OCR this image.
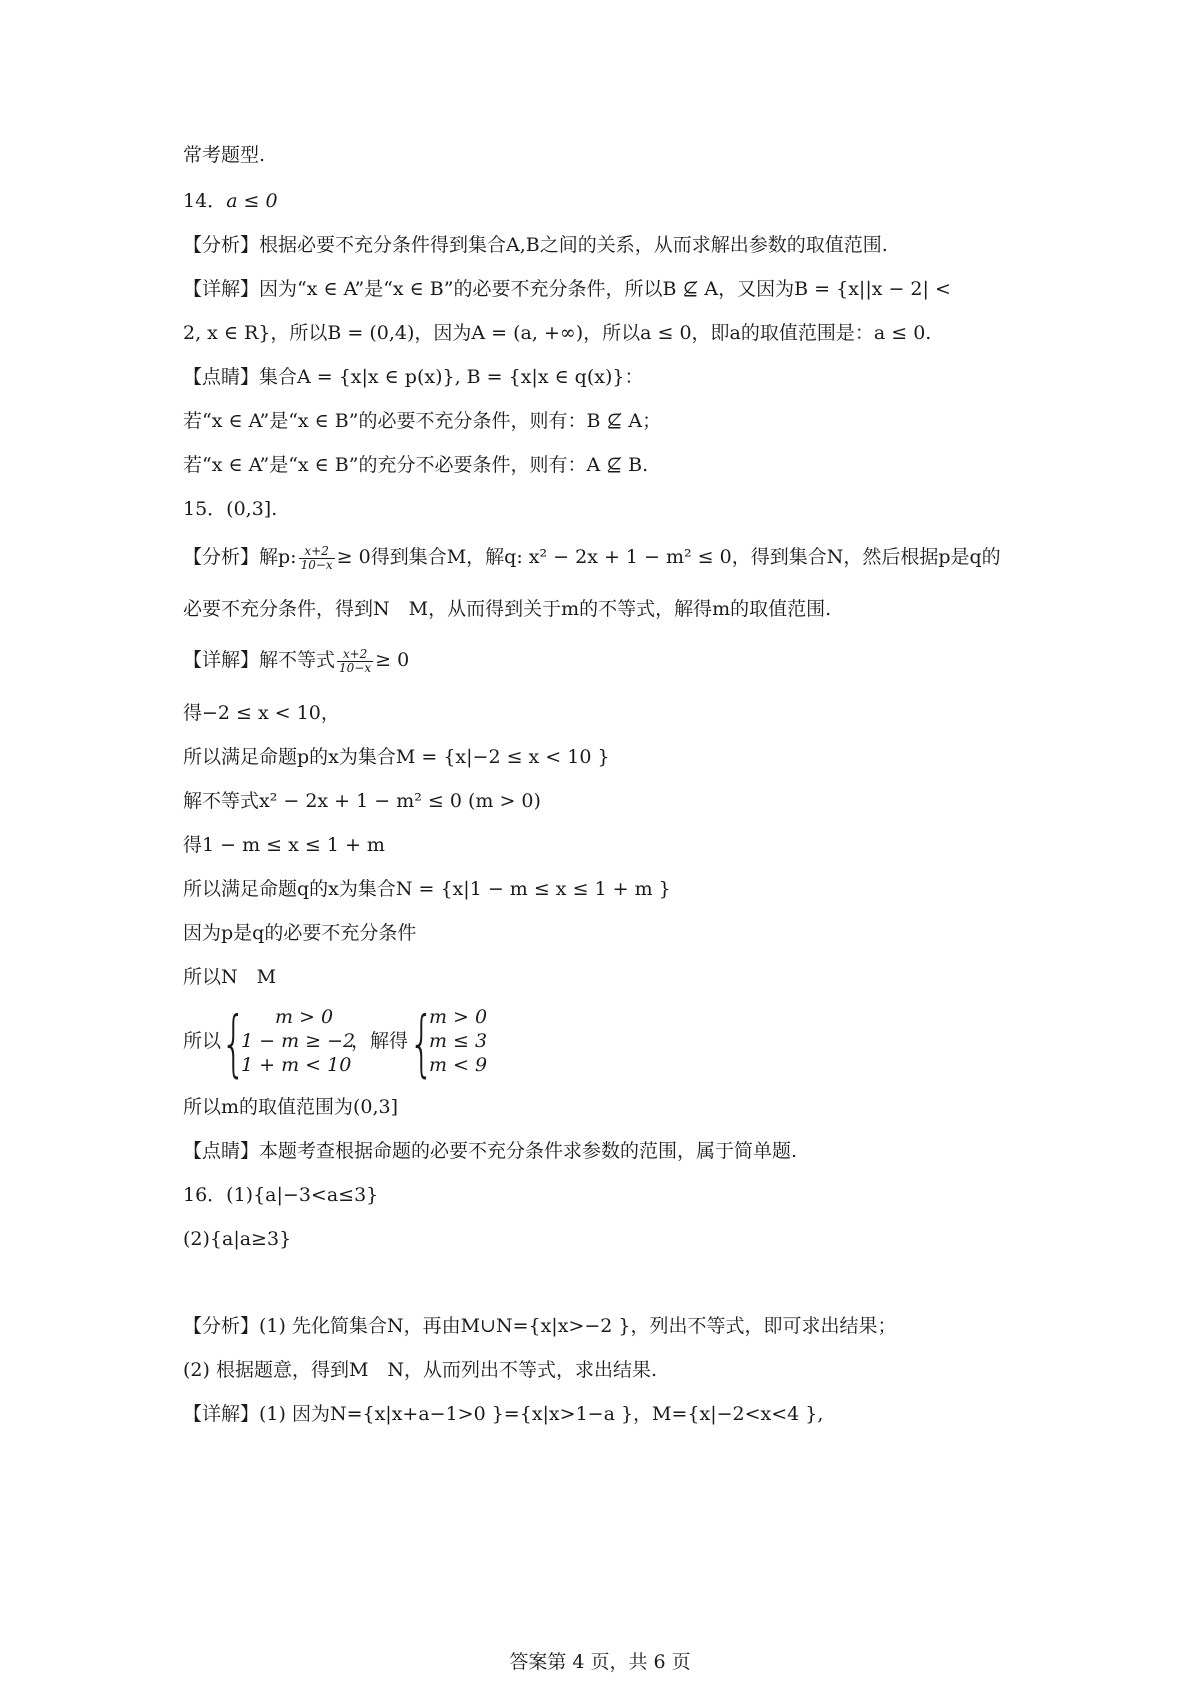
常考题型.
14．a ≤ 0
【分析】根据必要不充分条件得到集合A,B之间的关系，从而求解出参数的取值范围.
【详解】因为“x ∈ A”是“x ∈ B”的必要不充分条件，所以B ⊈ A，又因为B = {x||x − 2| <
2, x ∈ R}，所以B = (0,4)，因为A = (a, +∞)，所以a ≤ 0，即a的取值范围是：a ≤ 0.
【点睛】集合A = {x|x ∈ p(x)}, B = {x|x ∈ q(x)}：
若“x ∈ A”是“x ∈ B”的必要不充分条件，则有：B ⊈ A；
若“x ∈ A”是“x ∈ B”的充分不必要条件，则有：A ⊈ B.
15．(0,3].
【分析】解p: $\frac{x+2}{10-x} \ge 0$得到集合M，解q: x² − 2x + 1 − m² ≤ 0，得到集合N，然后根据p是q的
必要不充分条件，得到N　M，从而得到关于m的不等式，解得m的取值范围.
【详解】解不等式 $\frac{x+2}{10-x} \ge 0$
得−2 ≤ x < 10，
所以满足命题p的x为集合M = {x|−2 ≤ x < 10 }
解不等式x² − 2x + 1 − m² ≤ 0 (m > 0)
得1 − m ≤ x ≤ 1 + m
所以满足命题q的x为集合N = {x|1 − m ≤ x ≤ 1 + m }
因为p是q的必要不充分条件
所以N　M
所以 { m > 0
1 − m ≥ −2
1 + m < 10
，解得 {
m > 0
m ≤ 3
m < 9
所以m的取值范围为(0,3]
【点睛】本题考查根据命题的必要不充分条件求参数的范围，属于简单题.
16．(1){a|−3<a≤3}
(2){a|a≥3}
【分析】(1) 先化简集合N，再由M∪N={x|x>−2 }，列出不等式，即可求出结果；
(2) 根据题意，得到M　N，从而列出不等式，求出结果.
【详解】(1) 因为N={x|x+a−1>0 }={x|x>1−a }，M={x|−2<x<4 },
答案第 4 页，共 6 页
